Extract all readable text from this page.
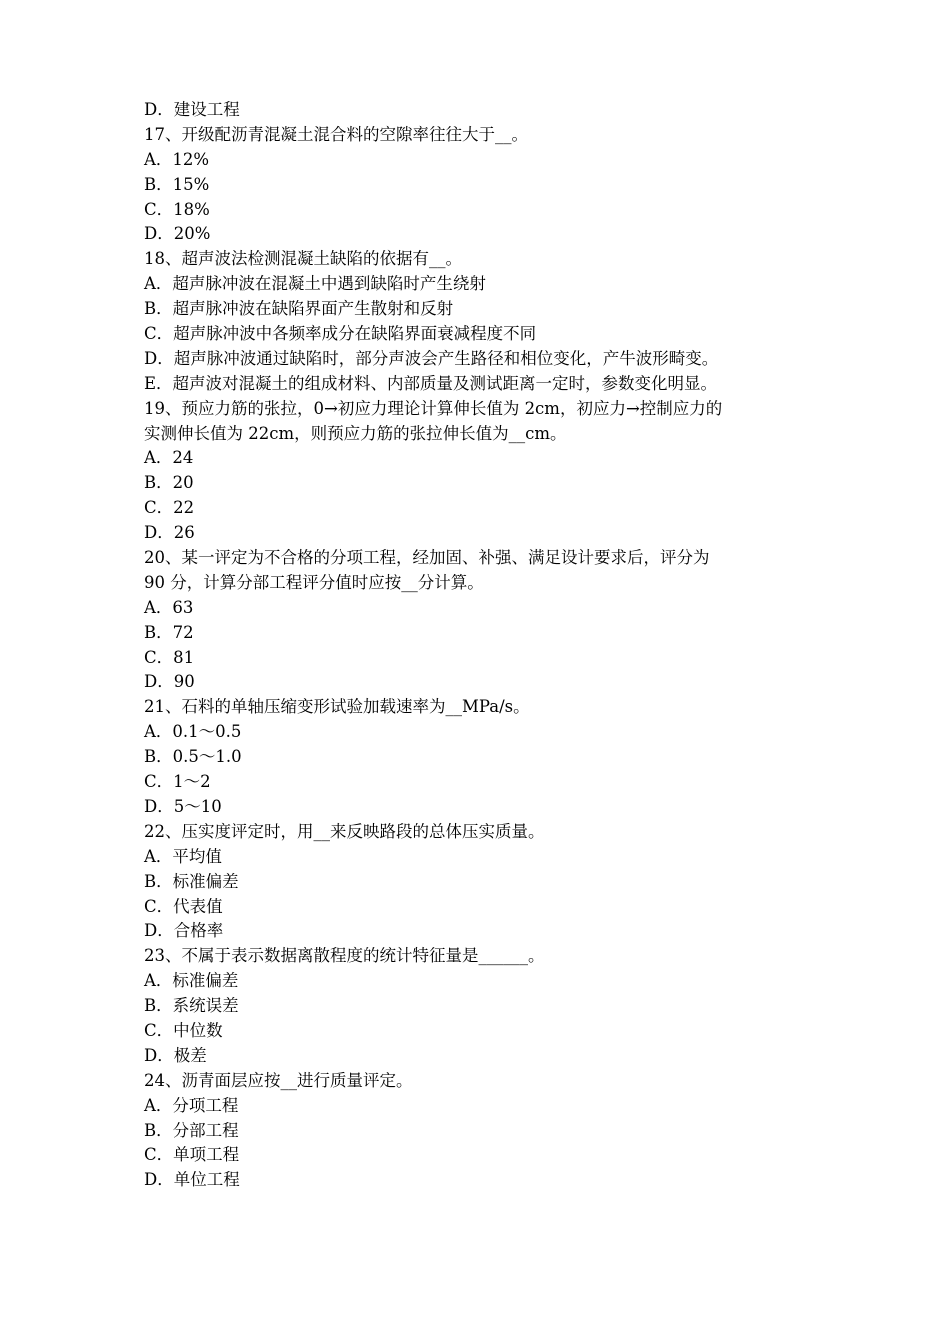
D．建设工程
17、开级配沥青混凝土混合料的空隙率往往大于__。
A．12%
B．15%
C．18%
D．20%
18、超声波法检测混凝土缺陷的依据有__。
A．超声脉冲波在混凝土中遇到缺陷时产生绕射
B．超声脉冲波在缺陷界面产生散射和反射
C．超声脉冲波中各频率成分在缺陷界面衰减程度不同
D．超声脉冲波通过缺陷时，部分声波会产生路径和相位变化，产牛波形畸变。
E．超声波对混凝土的组成材料、内部质量及测试距离一定时，参数变化明显。
19、预应力筋的张拉，0→初应力理论计算伸长值为 2cm，初应力→控制应力的
实测伸长值为 22cm，则预应力筋的张拉伸长值为__cm。
A．24
B．20
C．22
D．26
20、某一评定为不合格的分项工程，经加固、补强、满足设计要求后，评分为
90 分，计算分部工程评分值时应按__分计算。
A．63
B．72
C．81
D．90
21、石料的单轴压缩变形试验加载速率为__MPa/s。
A．0.1～0.5
B．0.5～1.0
C．1～2
D．5～10
22、压实度评定时，用__来反映路段的总体压实质量。
A．平均值
B．标准偏差
C．代表值
D．合格率
23、不属于表示数据离散程度的统计特征量是______。
A．标准偏差
B．系统误差
C．中位数
D．极差
24、沥青面层应按__进行质量评定。
A．分项工程
B．分部工程
C．单项工程
D．单位工程
